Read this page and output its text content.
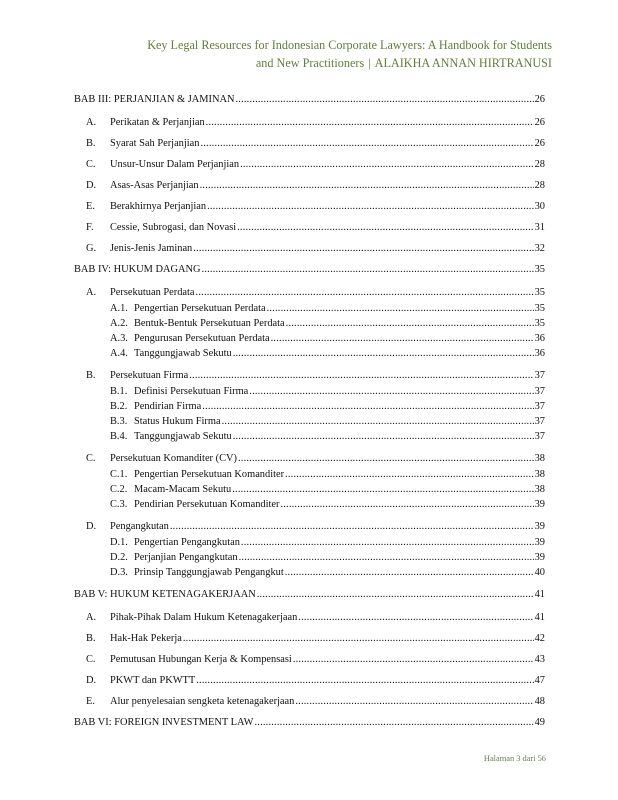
Key Legal Resources for Indonesian Corporate Lawyers: A Handbook for Students
and New Practitioners | ALAIKHA ANNAN HIRTRANUSI
BAB III: PERJANJIAN & JAMINAN .....	26
A. Perikatan & Perjanjian .....	26
B. Syarat Sah Perjanjian .....	26
C. Unsur-Unsur Dalam Perjanjian .....	28
D. Asas-Asas Perjanjian .....	28
E. Berakhirnya Perjanjian .....	30
F. Cessie, Subrogasi, dan Novasi .....	31
G. Jenis-Jenis Jaminan .....	32
BAB IV: HUKUM DAGANG .....	35
A. Persekutuan Perdata .....	35
A.1. Pengertian Persekutuan Perdata .....	35
A.2. Bentuk-Bentuk Persekutuan Perdata .....	35
A.3. Pengurusan Persekutuan Perdata .....	36
A.4. Tanggungjawab Sekutu .....	36
B. Persekutuan Firma .....	37
B.1. Definisi Persekutuan Firma .....	37
B.2. Pendirian Firma .....	37
B.3. Status Hukum Firma .....	37
B.4. Tanggungjawab Sekutu .....	37
C. Persekutuan Komanditer (CV) .....	38
C.1. Pengertian Persekutuan Komanditer .....	38
C.2. Macam-Macam Sekutu .....	38
C.3. Pendirian Persekutuan Komanditer .....	39
D. Pengangkutan .....	39
D.1. Pengertian Pengangkutan .....	39
D.2. Perjanjian Pengangkutan .....	39
D.3. Prinsip Tanggungjawab Pengangkut .....	40
BAB V: HUKUM KETENAGAKERJAAN .....	41
A. Pihak-Pihak Dalam Hukum Ketenagakerjaan .....	41
B. Hak-Hak Pekerja .....	42
C. Pemutusan Hubungan Kerja & Kompensasi .....	43
D. PKWT dan PKWTT .....	47
E. Alur penyelesaian sengketa ketenagakerjaan .....	48
BAB VI: FOREIGN INVESTMENT LAW .....	49
Halaman 3 dari 56
